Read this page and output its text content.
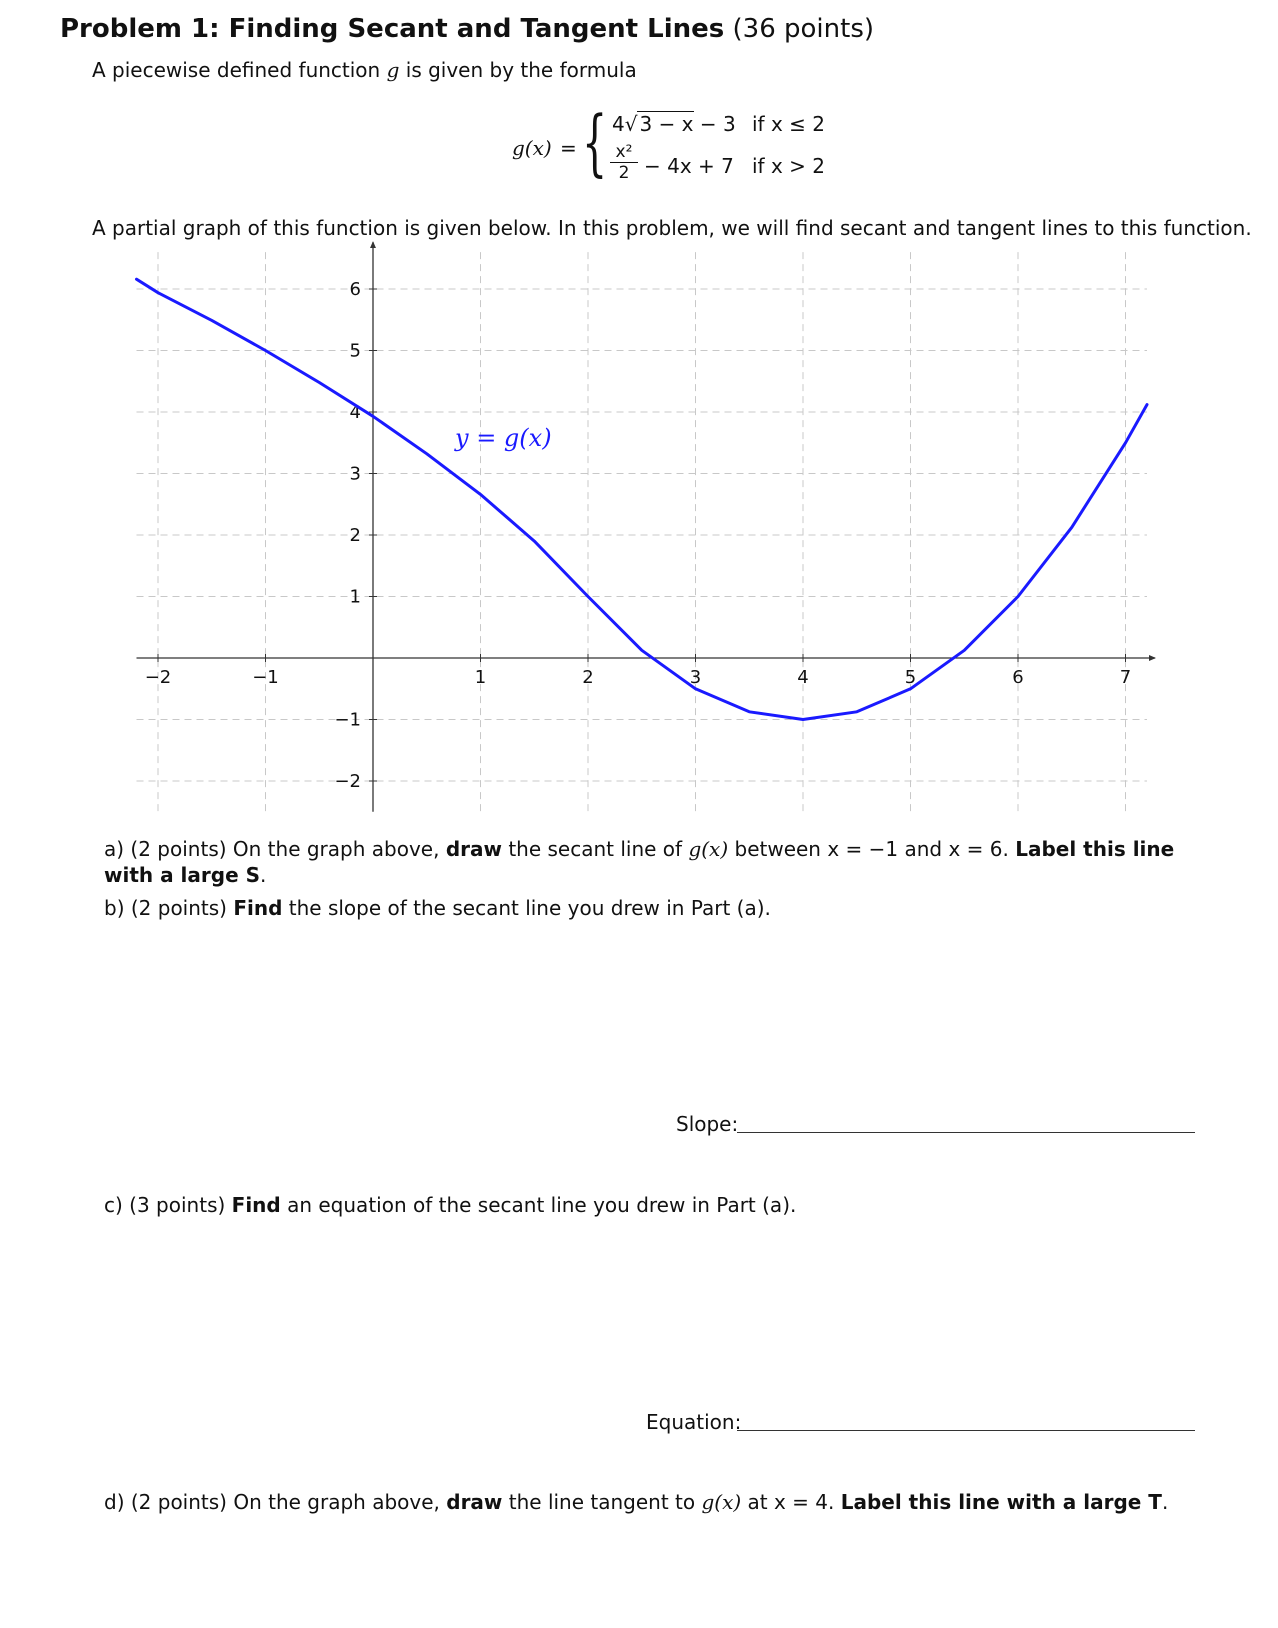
Problem 1: Finding Secant and Tangent Lines (36 points)
A piecewise defined function g is given by the formula
g(x) = { 4√ 3 − x − 3 if x ≤ 2
$\frac{\text{x²}}{2} - 4x + 7$ if x > 2
A partial graph of this function is given below. In this problem, we will find secant and tangent lines to this function.
−2	−1	1	2	3	4	5	6	7
6
5
4
3
2
1
−1
−2
y = g(x)
a) (2 points) On the graph above, draw the secant line of g(x) between x = −1 and x = 6. Label this line with a large S.
b) (2 points) Find the slope of the secant line you drew in Part (a).
Slope:
c) (3 points) Find an equation of the secant line you drew in Part (a).
Equation:
d) (2 points) On the graph above, draw the line tangent to g(x) at x = 4. Label this line with a large T.
